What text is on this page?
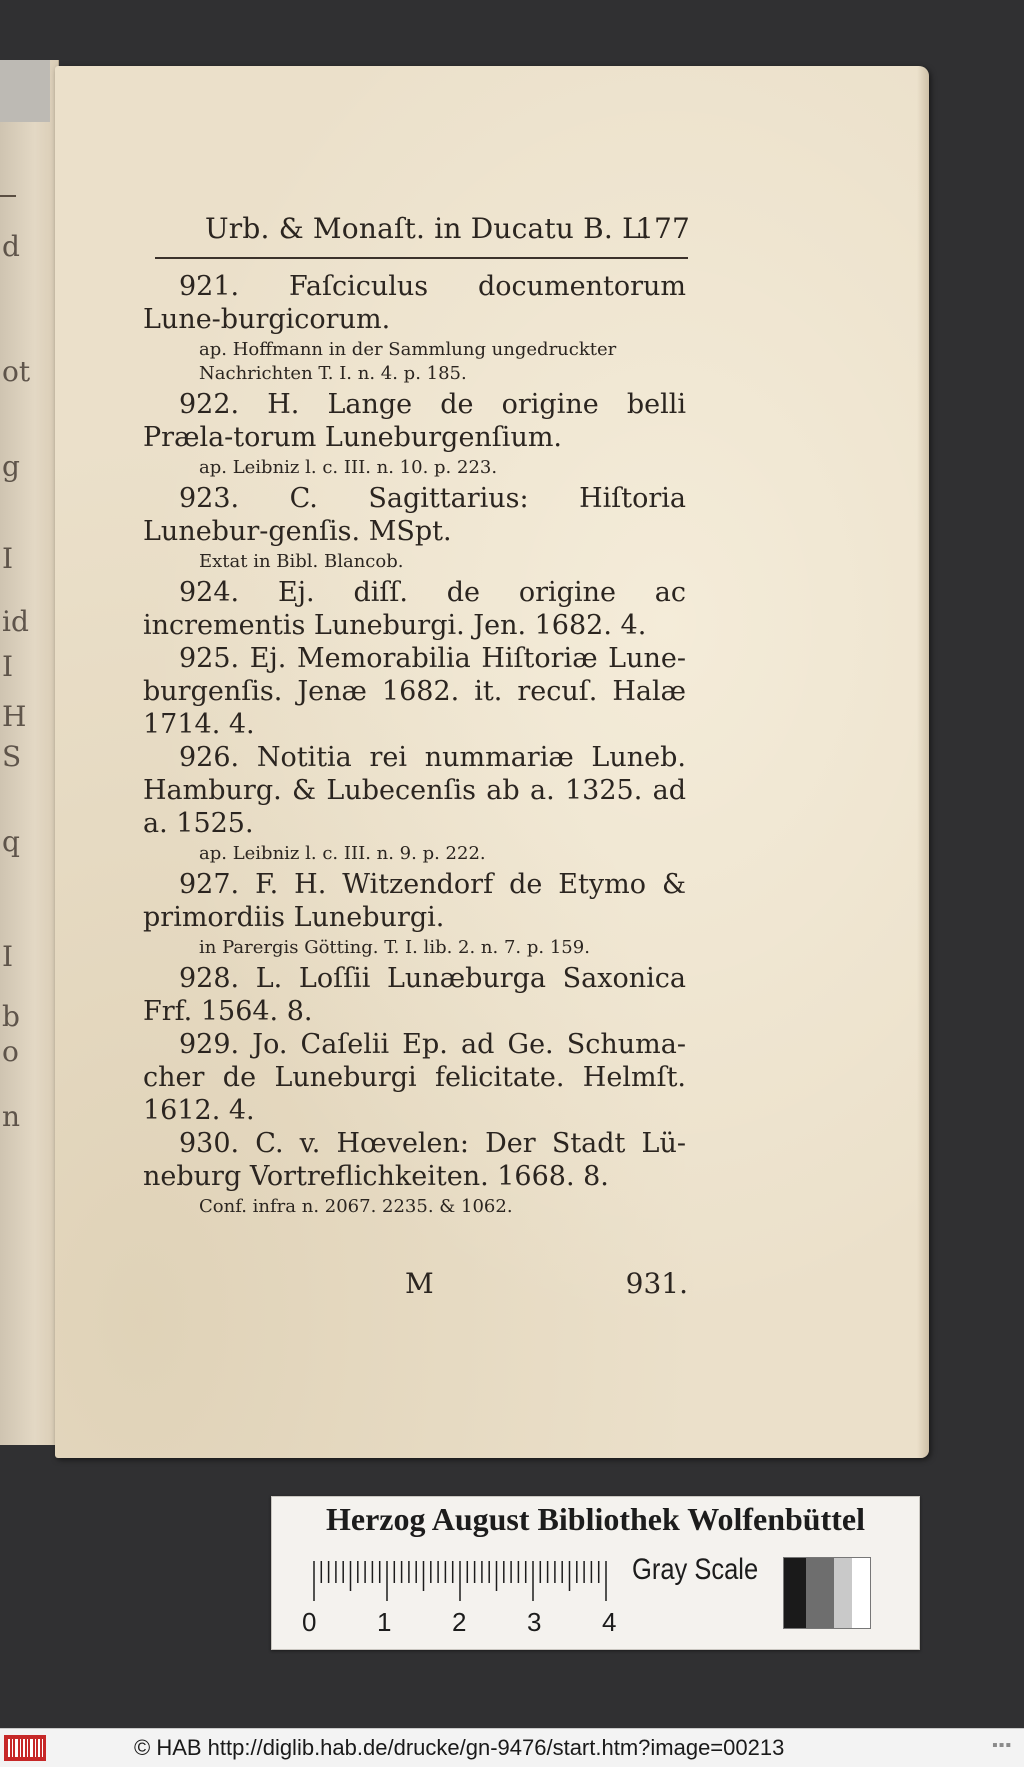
d
ot
g
I
id
I
H
S
q
I
b
o
n
Urb. & Monaſt. in Ducatu B. L.
177

921. Faſciculus documentorum Lune-burgicorum.

ap. Hoffmann in der Sammlung ungedruckter Nachrichten T. I. n. 4. p. 185.

922. H. Lange de origine belli Præla-torum Luneburgenſium.

ap. Leibniz l. c. III. n. 10. p. 223.

923. C. Sagittarius: Hiſtoria Lunebur-genſis. MSpt.

Extat in Bibl. Blancob.

924. Ej. diſſ. de origine ac incrementis Luneburgi. Jen. 1682. 4.

925. Ej. Memorabilia Hiſtoriæ Lune-burgenſis. Jenæ 1682. it. recuſ. Halæ 1714. 4.

926. Notitia rei nummariæ Luneb. Hamburg. & Lubecenſis ab a. 1325. ad a. 1525.

ap. Leibniz l. c. III. n. 9. p. 222.

927. F. H. Witzendorf de Etymo & primordiis Luneburgi.

in Parergis Götting. T. I. lib. 2. n. 7. p. 159.

928. L. Loſſii Lunæburga Saxonica Frf. 1564. 8.

929. Jo. Caſelii Ep. ad Ge. Schuma-cher de Luneburgi felicitate. Helmſt. 1612. 4.

930. C. v. Hœvelen: Der Stadt Lü-neburg Vortreflichkeiten. 1668. 8.

Conf. infra n. 2067. 2235. & 1062.

M	931.
Herzog August Bibliothek Wolfenbüttel
0 1 2 3 4
Gray Scale
© HAB http://diglib.hab.de/drucke/gn-9476/start.htm?image=00213	▪▪▪
